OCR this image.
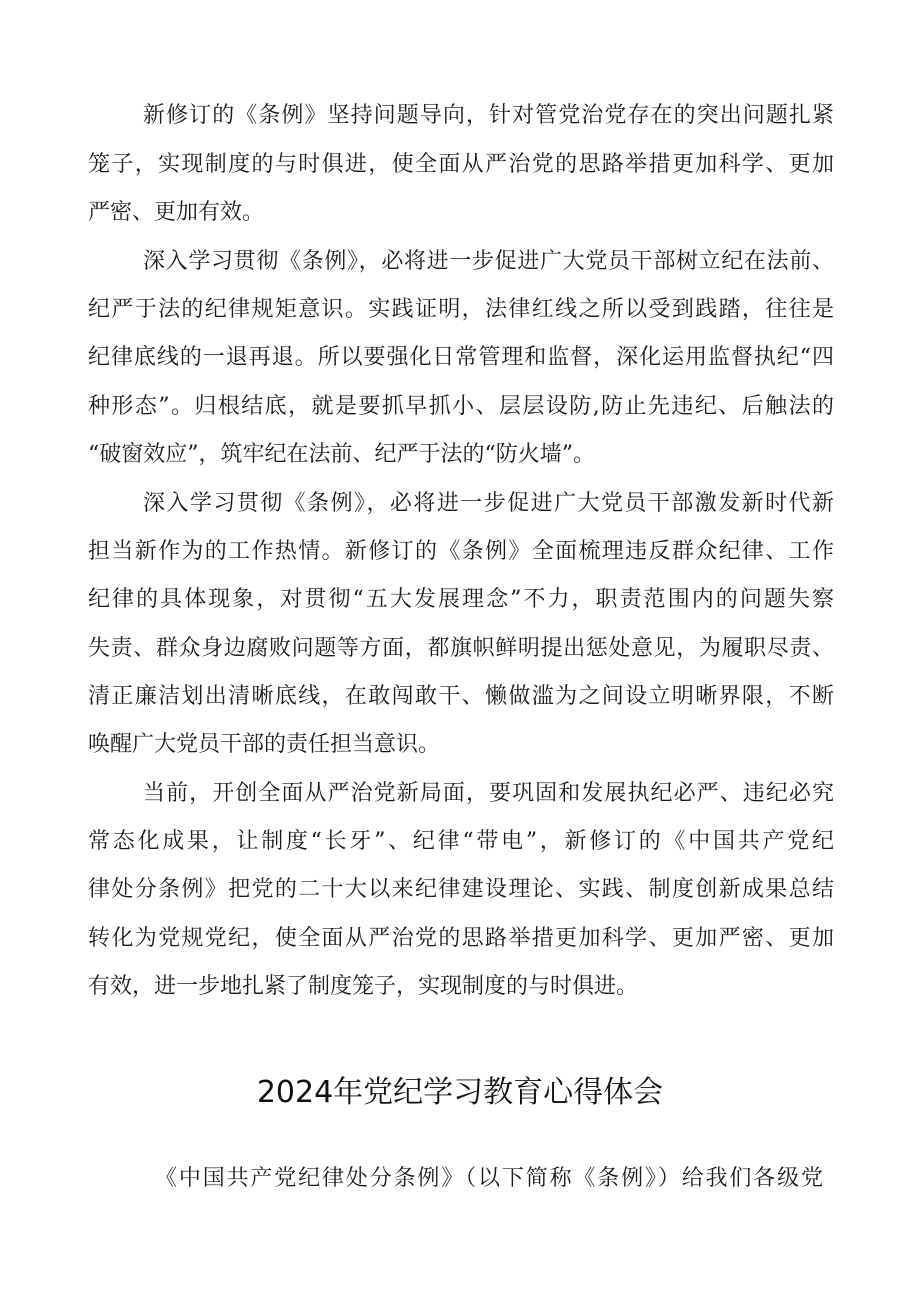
新修订的《条例》坚持问题导向，针对管党治党存在的突出问题扎紧
笼子，实现制度的与时俱进，使全面从严治党的思路举措更加科学、更加
严密、更加有效。
深入学习贯彻《条例》，必将进一步促进广大党员干部树立纪在法前、
纪严于法的纪律规矩意识。实践证明，法律红线之所以受到践踏，往往是
纪律底线的一退再退。所以要强化日常管理和监督，深化运用监督执纪“四
种形态”。归根结底，就是要抓早抓小、层层设防,防止先违纪、后触法的
“破窗效应”，筑牢纪在法前、纪严于法的“防火墙”。
深入学习贯彻《条例》，必将进一步促进广大党员干部激发新时代新
担当新作为的工作热情。新修订的《条例》全面梳理违反群众纪律、工作
纪律的具体现象，对贯彻“五大发展理念”不力，职责范围内的问题失察
失责、群众身边腐败问题等方面，都旗帜鲜明提出惩处意见，为履职尽责、
清正廉洁划出清晰底线，在敢闯敢干、懒做滥为之间设立明晰界限，不断
唤醒广大党员干部的责任担当意识。
当前，开创全面从严治党新局面，要巩固和发展执纪必严、违纪必究
常态化成果，让制度“长牙”、纪律“带电”，新修订的《中国共产党纪
律处分条例》把党的二十大以来纪律建设理论、实践、制度创新成果总结
转化为党规党纪，使全面从严治党的思路举措更加科学、更加严密、更加
有效，进一步地扎紧了制度笼子，实现制度的与时俱进。
2024年党纪学习教育心得体会
《中国共产党纪律处分条例》（以下简称《条例》）给我们各级党
